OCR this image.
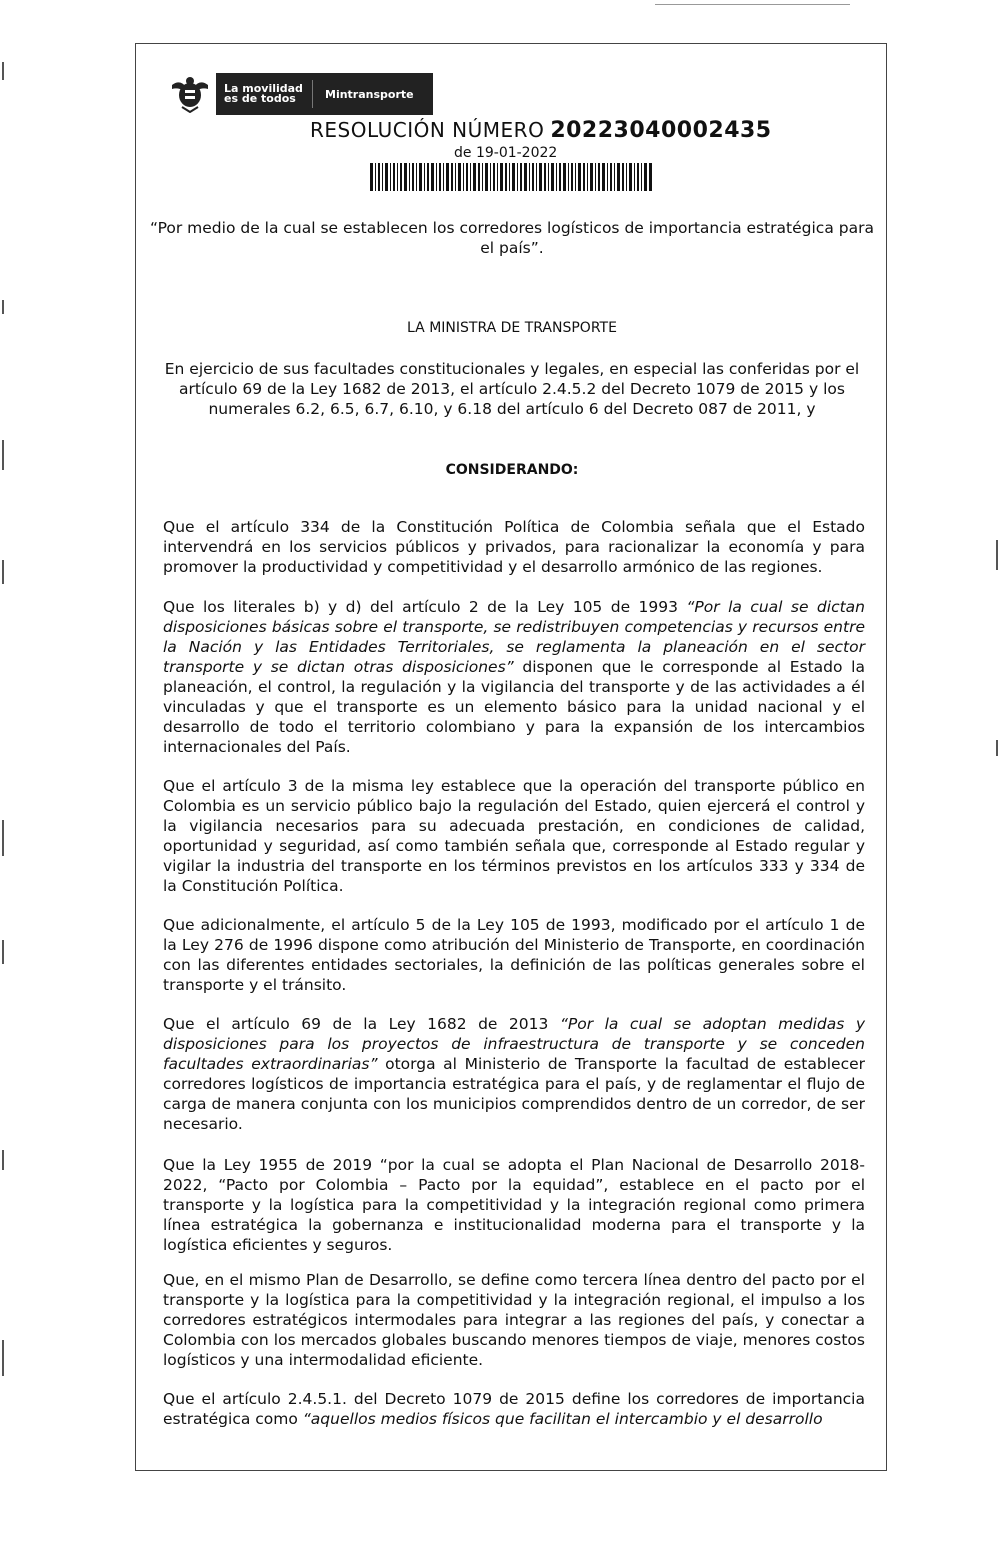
La movilidad
es de todos	Mintransporte
RESOLUCIÓN NÚMERO 20223040002435
de 19-01-2022
“Por medio de la cual se establecen los corredores logísticos de importancia estratégica para el país”.
LA MINISTRA DE TRANSPORTE
En ejercicio de sus facultades constitucionales y legales, en especial las conferidas por el artículo 69 de la Ley 1682 de 2013, el artículo 2.4.5.2 del Decreto 1079 de 2015 y los numerales 6.2, 6.5, 6.7, 6.10, y 6.18 del artículo 6 del Decreto 087 de 2011, y
CONSIDERANDO:

Que el artículo 334 de la Constitución Política de Colombia señala que el Estado intervendrá en los servicios públicos y privados, para racionalizar la economía y para promover la productividad y competitividad y el desarrollo armónico de las regiones.

Que los literales b) y d) del artículo 2 de la Ley 105 de 1993 “Por la cual se dictan disposiciones básicas sobre el transporte, se redistribuyen competencias y recursos entre la Nación y las Entidades Territoriales, se reglamenta la planeación en el sector transporte y se dictan otras disposiciones” disponen que le corresponde al Estado la planeación, el control, la regulación y la vigilancia del transporte y de las actividades a él vinculadas y que el transporte es un elemento básico para la unidad nacional y el desarrollo de todo el territorio colombiano y para la expansión de los intercambios internacionales del País.

Que el artículo 3 de la misma ley establece que la operación del transporte público en Colombia es un servicio público bajo la regulación del Estado, quien ejercerá el control y la vigilancia necesarios para su adecuada prestación, en condiciones de calidad, oportunidad y seguridad, así como también señala que, corresponde al Estado regular y vigilar la industria del transporte en los términos previstos en los artículos 333 y 334 de la Constitución Política.

Que adicionalmente, el artículo 5 de la Ley 105 de 1993, modificado por el artículo 1 de la Ley 276 de 1996 dispone como atribución del Ministerio de Transporte, en coordinación con las diferentes entidades sectoriales, la definición de las políticas generales sobre el transporte y el tránsito.

Que el artículo 69 de la Ley 1682 de 2013 “Por la cual se adoptan medidas y disposiciones para los proyectos de infraestructura de transporte y se conceden facultades extraordinarias” otorga al Ministerio de Transporte la facultad de establecer corredores logísticos de importancia estratégica para el país, y de reglamentar el flujo de carga de manera conjunta con los municipios comprendidos dentro de un corredor, de ser necesario.

Que la Ley 1955 de 2019 “por la cual se adopta el Plan Nacional de Desarrollo 2018-2022, “Pacto por Colombia – Pacto por la equidad”, establece en el pacto por el transporte y la logística para la competitividad y la integración regional como primera línea estratégica la gobernanza e institucionalidad moderna para el transporte y la logística eficientes y seguros.

Que, en el mismo Plan de Desarrollo, se define como tercera línea dentro del pacto por el transporte y la logística para la competitividad y la integración regional, el impulso a los corredores estratégicos intermodales para integrar a las regiones del país, y conectar a Colombia con los mercados globales buscando menores tiempos de viaje, menores costos logísticos y una intermodalidad eficiente.

Que el artículo 2.4.5.1. del Decreto 1079 de 2015 define los corredores de importancia estratégica como “aquellos medios físicos que facilitan el intercambio y el desarrollo
